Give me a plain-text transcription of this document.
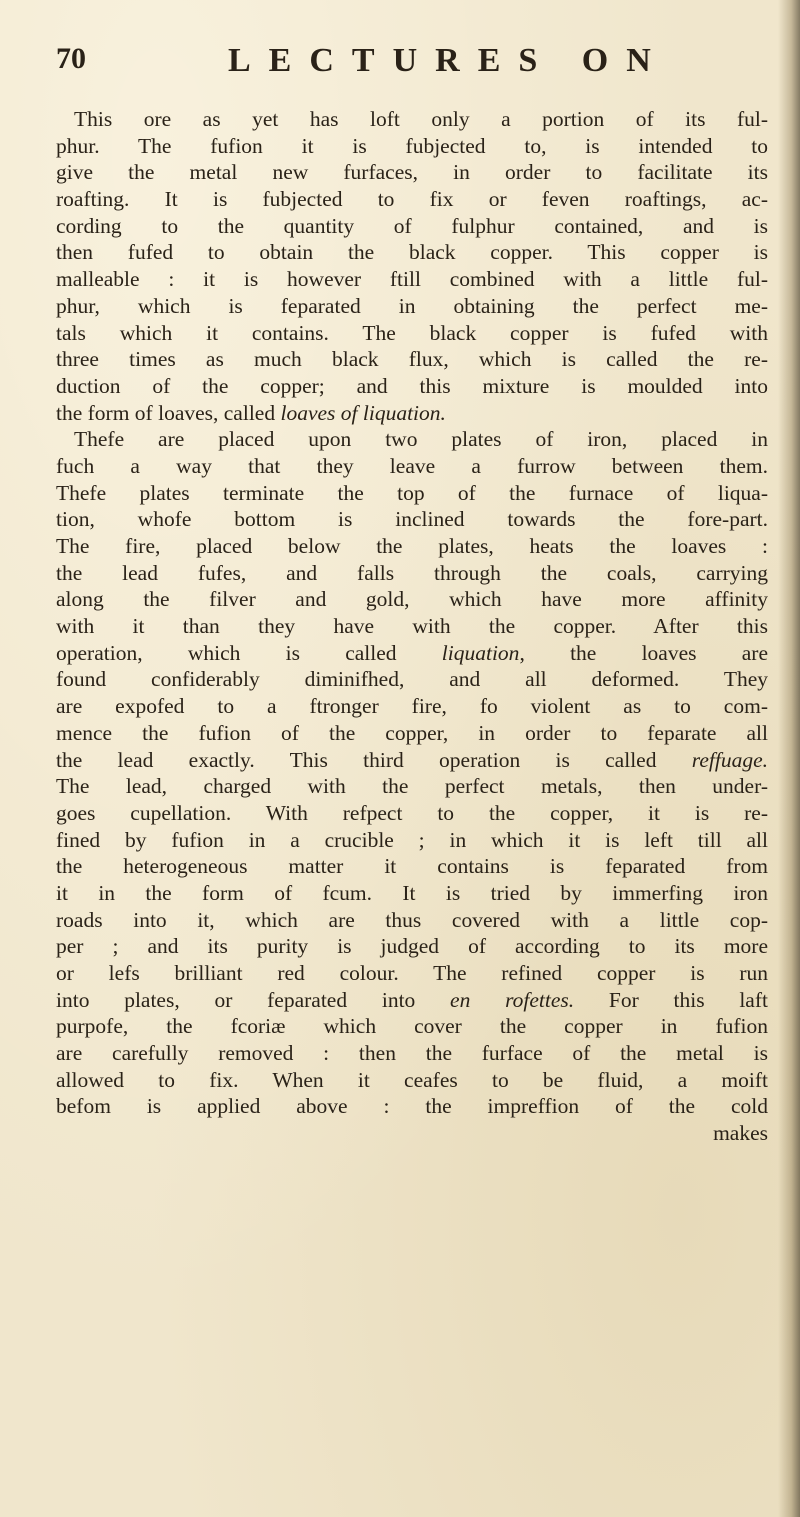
70	LECTURES ON
This ore as yet has loft only a portion of its ful-
phur. The fufion it is fubjected to, is intended to
give the metal new furfaces, in order to facilitate its
roafting. It is fubjected to fix or feven roaftings, ac-
cording to the quantity of fulphur contained, and is
then fufed to obtain the black copper. This copper is
malleable : it is however ftill combined with a little ful-
phur, which is feparated in obtaining the perfect me-
tals which it contains. The black copper is fufed with
three times as much black flux, which is called the re-
duction of the copper; and this mixture is moulded into
the form of loaves, called loaves of liquation.
Thefe are placed upon two plates of iron, placed in
fuch a way that they leave a furrow between them.
Thefe plates terminate the top of the furnace of liqua-
tion, whofe bottom is inclined towards the fore-part.
The fire, placed below the plates, heats the loaves :
the lead fufes, and falls through the coals, carrying
along the filver and gold, which have more affinity
with it than they have with the copper. After this
operation, which is called liquation, the loaves are
found confiderably diminifhed, and all deformed. They
are expofed to a ftronger fire, fo violent as to com-
mence the fufion of the copper, in order to feparate all
the lead exactly. This third operation is called reffuage.
The lead, charged with the perfect metals, then under-
goes cupellation. With refpect to the copper, it is re-
fined by fufion in a crucible ; in which it is left till all
the heterogeneous matter it contains is feparated from
it in the form of fcum. It is tried by immerfing iron
roads into it, which are thus covered with a little cop-
per ; and its purity is judged of according to its more
or lefs brilliant red colour. The refined copper is run
into plates, or feparated into en rofettes. For this laft
purpofe, the fcoriæ which cover the copper in fufion
are carefully removed : then the furface of the metal is
allowed to fix. When it ceafes to be fluid, a moift
befom is applied above : the impreffion of the cold
makes
